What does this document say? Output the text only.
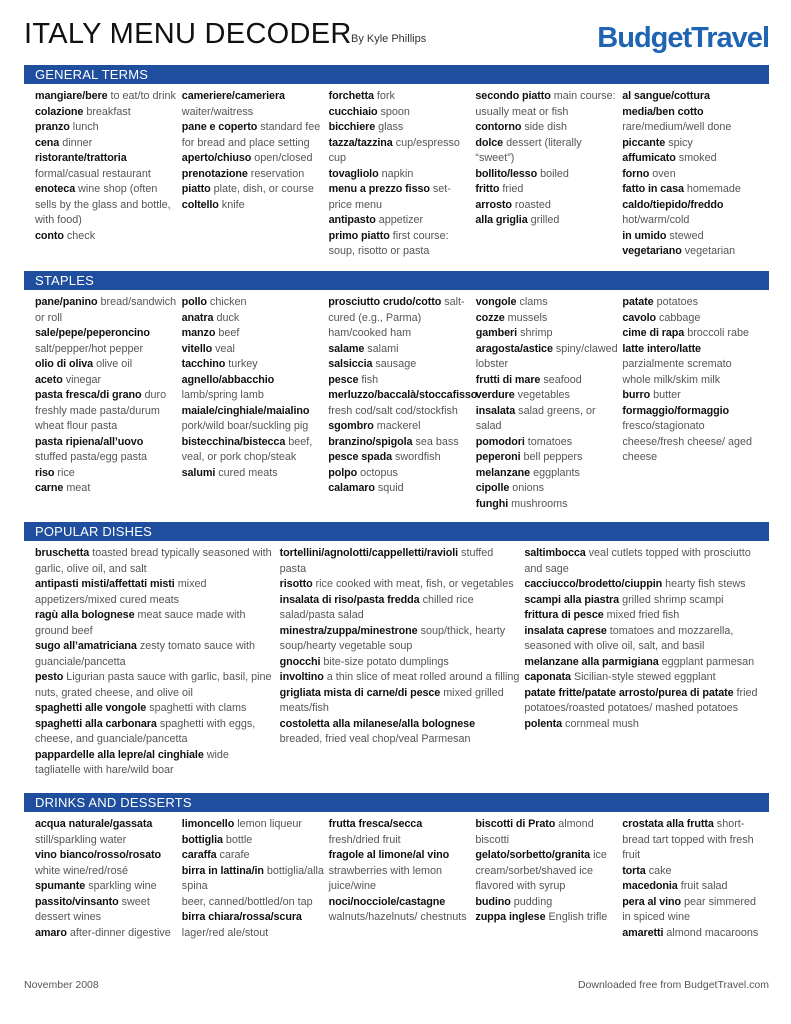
ITALY MENU DECODER By Kyle Phillips	BudgetTravel
GENERAL TERMS
mangiare/bere to eat/to drink
colazione breakfast
pranzo lunch
cena dinner
ristorante/trattoria formal/casual restaurant
enoteca wine shop (often sells by the glass and bottle, with food)
conto check
cameriere/cameriera waiter/waitress
pane e coperto standard fee for bread and place setting
aperto/chiuso open/closed
prenotazione reservation
piatto plate, dish, or course
coltello knife
forchetta fork
cucchiaio spoon
bicchiere glass
tazza/tazzina cup/espresso cup
tovagliolo napkin
menu a prezzo fisso set-price menu
antipasto appetizer
primo piatto first course: soup, risotto or pasta
secondo piatto main course: usually meat or fish
contorno side dish
dolce dessert (literally “sweet”)
bollito/lesso boiled
fritto fried
arrosto roasted
alla griglia grilled
al sangue/cottura
media/ben cotto rare/medium/well done
piccante spicy
affumicato smoked
forno oven
fatto in casa homemade
caldo/tiepido/freddo hot/warm/cold
in umido stewed
vegetariano vegetarian
STAPLES
pane/panino bread/sandwich or roll
sale/pepe/peperoncino salt/pepper/hot pepper
olio di oliva olive oil
aceto vinegar
pasta fresca/di grano duro
freshly made pasta/durum wheat flour pasta
pasta ripiena/all’uovo stuffed pasta/egg pasta
riso rice
carne meat
pollo chicken
anatra duck
manzo beef
vitello veal
tacchino turkey
agnello/abbacchio lamb/spring lamb
maiale/cinghiale/maialino pork/wild boar/suckling pig
bistecchina/bistecca beef, veal, or pork chop/steak
salumi cured meats
prosciutto crudo/cotto salt-cured (e.g., Parma) ham/cooked ham
salame salami
salsiccia sausage
pesce fish
merluzzo/baccalà/stoccafisso fresh cod/salt cod/stockfish
sgombro mackerel
branzino/spigola sea bass
pesce spada swordfish
polpo octopus
calamaro squid
vongole clams
cozze mussels
gamberi shrimp
aragosta/astice spiny/clawed lobster
frutti di mare seafood
verdure vegetables
insalata salad greens, or salad
pomodori tomatoes
peperoni bell peppers
melanzane eggplants
cipolle onions
funghi mushrooms
patate potatoes
cavolo cabbage
cime di rapa broccoli rabe
latte intero/latte parzialmente scremato
whole milk/skim milk
burro butter
formaggio/formaggio fresco/stagionato
cheese/fresh cheese/ aged cheese
POPULAR DISHES
bruschetta toasted bread typically seasoned with garlic, olive oil, and salt
antipasti misti/affettati misti mixed appetizers/mixed cured meats
ragù alla bolognese meat sauce made with ground beef
sugo all’amatriciana zesty tomato sauce with guanciale/pancetta
pesto Ligurian pasta sauce with garlic, basil, pine nuts, grated cheese, and olive oil
spaghetti alle vongole spaghetti with clams
spaghetti alla carbonara spaghetti with eggs, cheese, and guanciale/pancetta
pappardelle alla lepre/al cinghiale wide tagliatelle with hare/wild boar
tortellini/agnolotti/cappelletti/ravioli stuffed pasta
risotto rice cooked with meat, fish, or vegetables
insalata di riso/pasta fredda chilled rice salad/pasta salad
minestra/zuppa/minestrone soup/thick, hearty soup/hearty vegetable soup
gnocchi bite-size potato dumplings
involtino a thin slice of meat rolled around a filling
grigliata mista di carne/di pesce mixed grilled meats/fish
costoletta alla milanese/alla bolognese breaded, fried veal chop/veal Parmesan
saltimbocca veal cutlets topped with prosciutto and sage
cacciucco/brodetto/ciuppin hearty fish stews
scampi alla piastra grilled shrimp scampi
frittura di pesce mixed fried fish
insalata caprese tomatoes and mozzarella, seasoned with olive oil, salt, and basil
melanzane alla parmigiana eggplant parmesan
caponata Sicilian-style stewed eggplant
patate fritte/patate arrosto/purea di patate fried potatoes/roasted potatoes/ mashed potatoes
polenta cornmeal mush
DRINKS AND DESSERTS
acqua naturale/gassata still/sparkling water
vino bianco/rosso/rosato white wine/red/rosé
spumante sparkling wine
passito/vinsanto sweet dessert wines
amaro after-dinner digestive
limoncello lemon liqueur
bottiglia bottle
caraffa carafe
birra in lattina/in bottiglia/alla spina
beer, canned/bottled/on tap
birra chiara/rossa/scura lager/red ale/stout
frutta fresca/secca fresh/dried fruit
fragole al limone/al vino strawberries with lemon juice/wine
noci/nocciole/castagne walnuts/hazelnuts/ chestnuts
biscotti di Prato almond biscotti
gelato/sorbetto/granita ice cream/sorbet/shaved ice flavored with syrup
budino pudding
zuppa inglese English trifle
crostata alla frutta short-bread tart topped with fresh fruit
torta cake
macedonia fruit salad
pera al vino pear simmered in spiced wine
amaretti almond macaroons
November 2008	Downloaded free from BudgetTravel.com
